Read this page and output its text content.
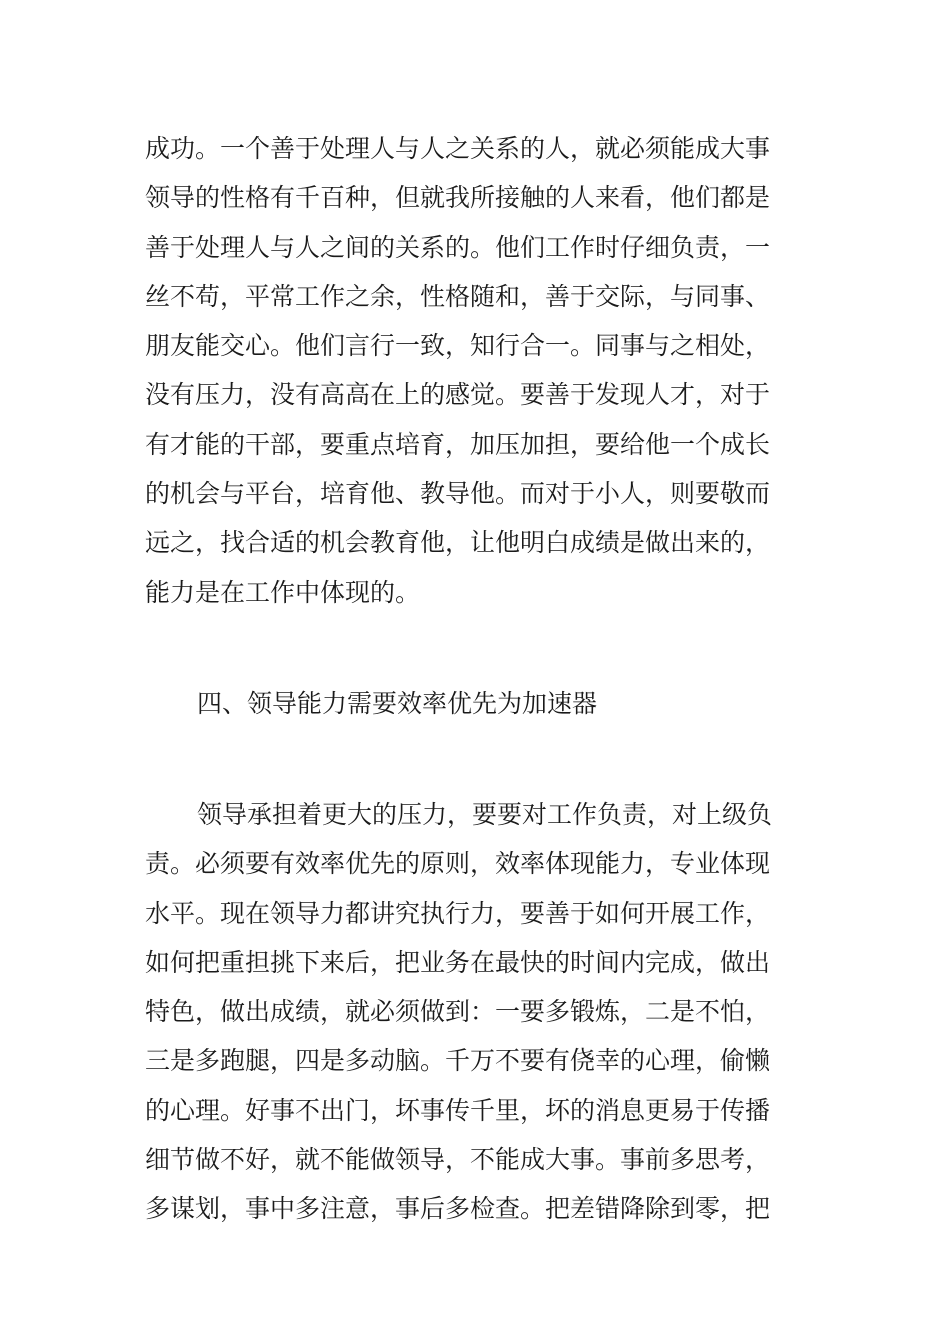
成功。一个善于处理人与人之关系的人，就必须能成大事
领导的性格有千百种，但就我所接触的人来看，他们都是
善于处理人与人之间的关系的。他们工作时仔细负责，一
丝不苟，平常工作之余，性格随和，善于交际，与同事、
朋友能交心。他们言行一致，知行合一。同事与之相处，
没有压力，没有高高在上的感觉。要善于发现人才，对于
有才能的干部，要重点培育，加压加担，要给他一个成长
的机会与平台，培育他、教导他。而对于小人，则要敬而
远之，找合适的机会教育他，让他明白成绩是做出来的，
能力是在工作中体现的。
四、领导能力需要效率优先为加速器
领导承担着更大的压力，要要对工作负责，对上级负
责。必须要有效率优先的原则，效率体现能力，专业体现
水平。现在领导力都讲究执行力，要善于如何开展工作，
如何把重担挑下来后，把业务在最快的时间内完成，做出
特色，做出成绩，就必须做到：一要多锻炼，二是不怕，
三是多跑腿，四是多动脑。千万不要有侥幸的心理，偷懒
的心理。好事不出门，坏事传千里，坏的消息更易于传播
细节做不好，就不能做领导，不能成大事。事前多思考，
多谋划，事中多注意，事后多检查。把差错降除到零，把
